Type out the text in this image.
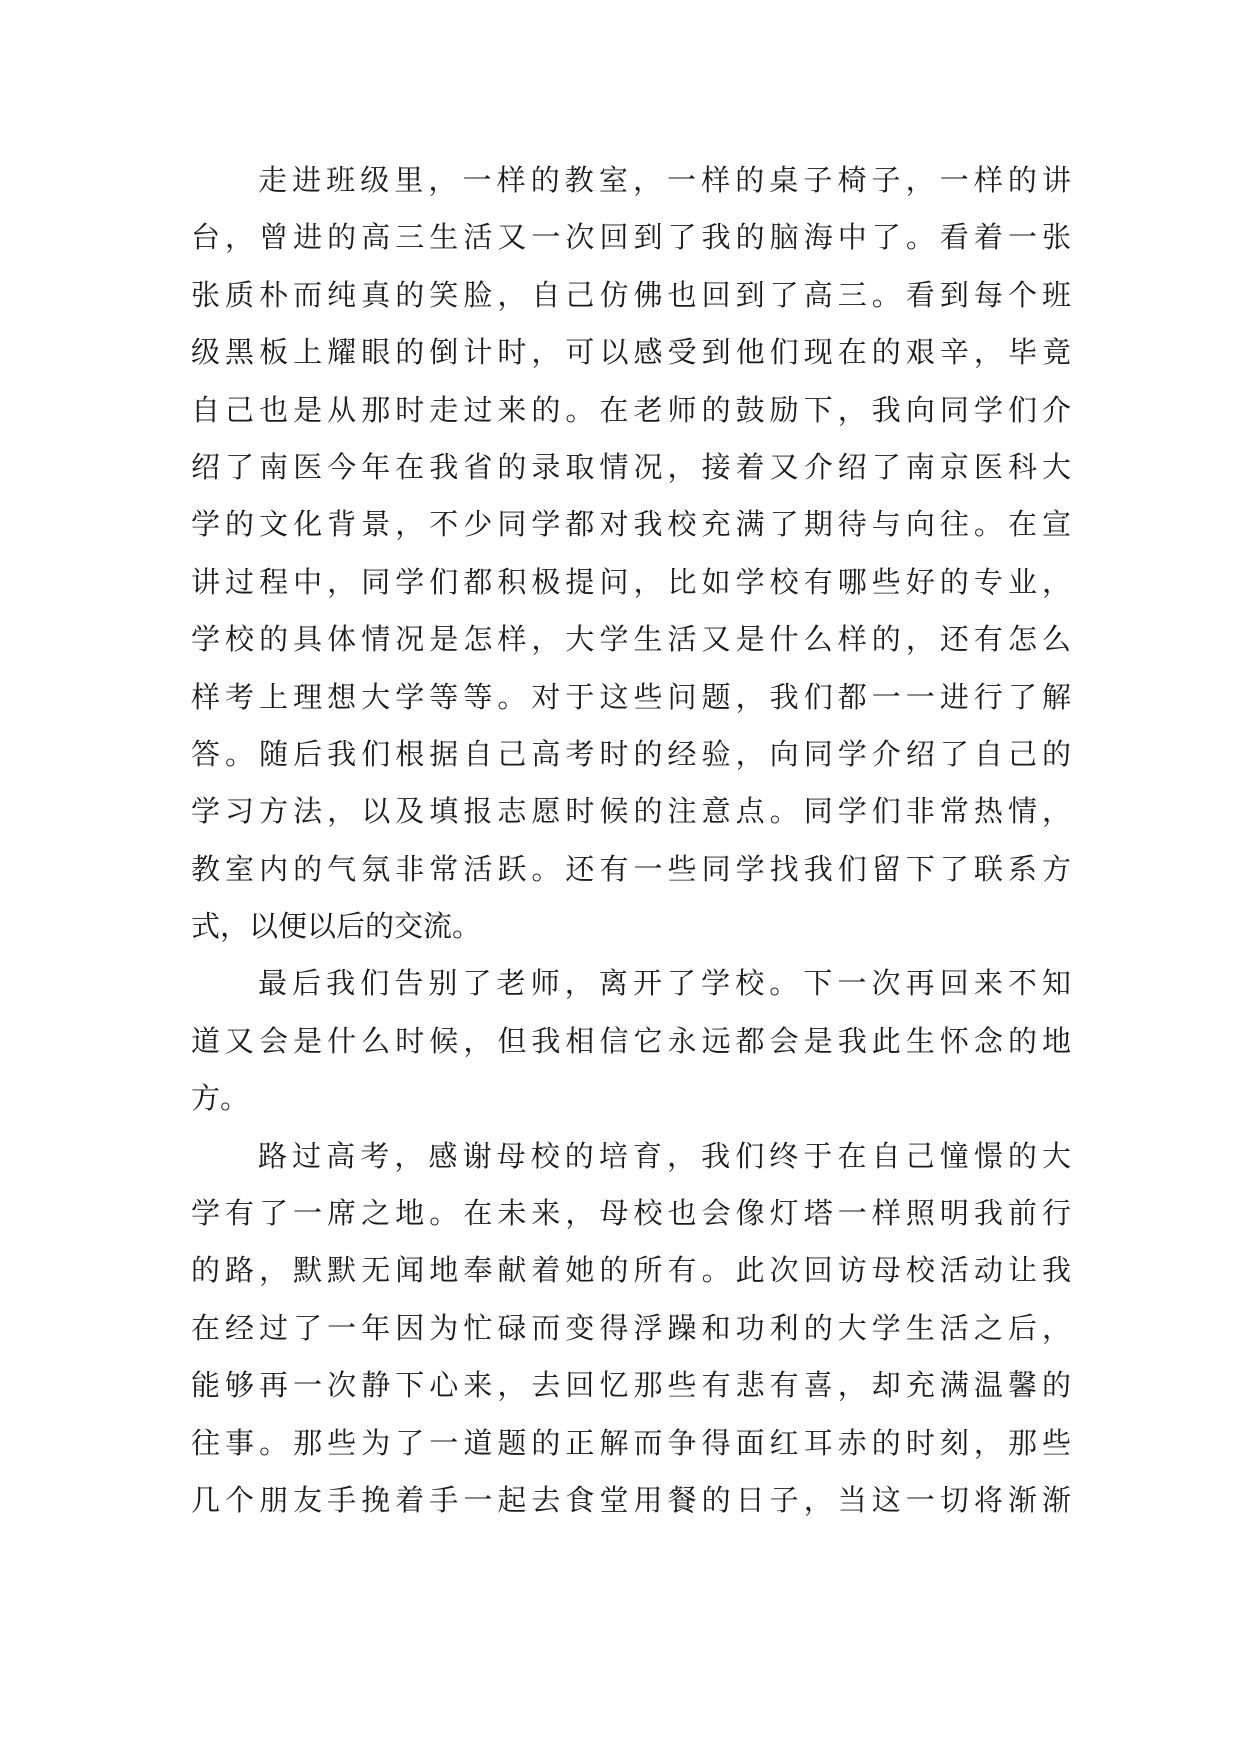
走进班级里，一样的教室，一样的桌子椅子，一样的讲
台，曾进的高三生活又一次回到了我的脑海中了。看着一张
张质朴而纯真的笑脸，自己仿佛也回到了高三。看到每个班
级黑板上耀眼的倒计时，可以感受到他们现在的艰辛，毕竟
自己也是从那时走过来的。在老师的鼓励下，我向同学们介
绍了南医今年在我省的录取情况，接着又介绍了南京医科大
学的文化背景，不少同学都对我校充满了期待与向往。在宣
讲过程中，同学们都积极提问，比如学校有哪些好的专业，
学校的具体情况是怎样，大学生活又是什么样的，还有怎么
样考上理想大学等等。对于这些问题，我们都一一进行了解
答。随后我们根据自己高考时的经验，向同学介绍了自己的
学习方法，以及填报志愿时候的注意点。同学们非常热情，
教室内的气氛非常活跃。还有一些同学找我们留下了联系方
式，以便以后的交流。
最后我们告别了老师，离开了学校。下一次再回来不知
道又会是什么时候，但我相信它永远都会是我此生怀念的地
方。
路过高考，感谢母校的培育，我们终于在自己憧憬的大
学有了一席之地。在未来，母校也会像灯塔一样照明我前行
的路，默默无闻地奉献着她的所有。此次回访母校活动让我
在经过了一年因为忙碌而变得浮躁和功利的大学生活之后，
能够再一次静下心来，去回忆那些有悲有喜，却充满温馨的
往事。那些为了一道题的正解而争得面红耳赤的时刻，那些
几个朋友手挽着手一起去食堂用餐的日子，当这一切将渐渐
